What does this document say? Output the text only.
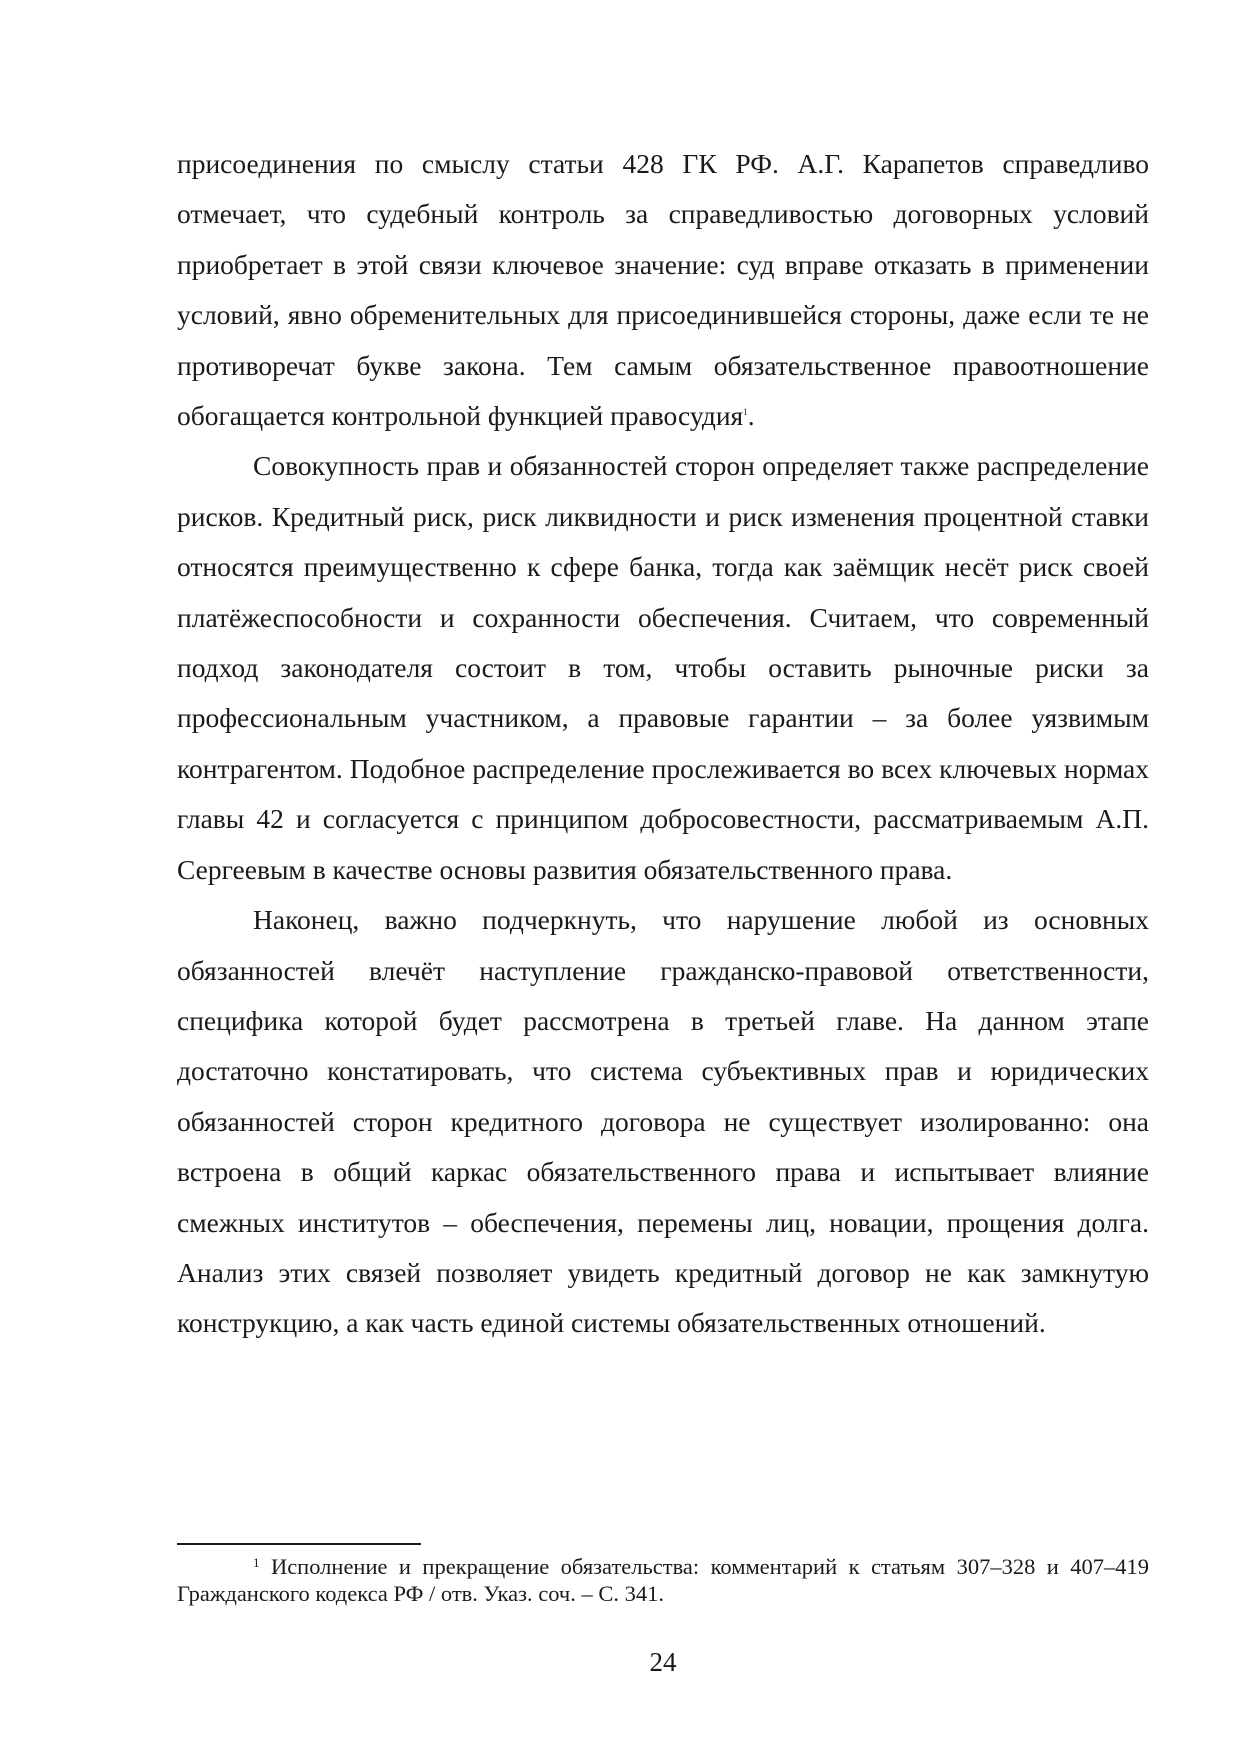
присоединения по смыслу статьи 428 ГК РФ. А.Г. Карапетов справедливо отмечает, что судебный контроль за справедливостью договорных условий приобретает в этой связи ключевое значение: суд вправе отказать в применении условий, явно обременительных для присоединившейся стороны, даже если те не противоречат букве закона. Тем самым обязательственное правоотношение обогащается контрольной функцией правосудия$^1$.

Совокупность прав и обязанностей сторон определяет также распределение рисков. Кредитный риск, риск ликвидности и риск изменения процентной ставки относятся преимущественно к сфере банка, тогда как заёмщик несёт риск своей платёжеспособности и сохранности обеспечения. Считаем, что современный подход законодателя состоит в том, чтобы оставить рыночные риски за профессиональным участником, а правовые гарантии – за более уязвимым контрагентом. Подобное распределение прослеживается во всех ключевых нормах главы 42 и согласуется с принципом добросовестности, рассматриваемым А.П. Сергеевым в качестве основы развития обязательственного права.

Наконец, важно подчеркнуть, что нарушение любой из основных обязанностей влечёт наступление гражданско-правовой ответственности, специфика которой будет рассмотрена в третьей главе. На данном этапе достаточно констатировать, что система субъективных прав и юридических обязанностей сторон кредитного договора не существует изолированно: она встроена в общий каркас обязательственного права и испытывает влияние смежных институтов – обеспечения, перемены лиц, новации, прощения долга. Анализ этих связей позволяет увидеть кредитный договор не как замкнутую конструкцию, а как часть единой системы обязательственных отношений.

$^1$ Исполнение и прекращение обязательства: комментарий к статьям 307–328 и 407–419 Гражданского кодекса РФ / отв. Указ. соч. – С. 341.

24
